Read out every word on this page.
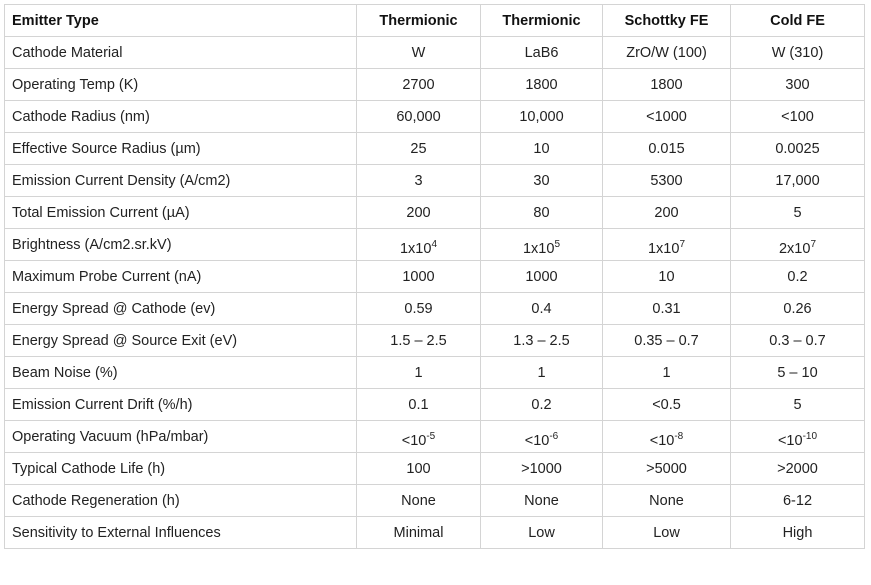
Emitter Type	Thermionic	Thermionic	Schottky FE	Cold FE
Cathode Material	W	LaB6	ZrO/W (100)	W (310)
Operating Temp (K)	2700	1800	1800	300
Cathode Radius (nm)	60,000	10,000	<1000	<100
Effective Source Radius (µm)	25	10	0.015	0.0025
Emission Current Density (A/cm2)	3	30	5300	17,000
Total Emission Current (µA)	200	80	200	5
Brightness (A/cm2.sr.kV)	$1x10^4$	$1x10^5$	$1x10^7$	$2x10^7$
Maximum Probe Current (nA)	1000	1000	10	0.2
Energy Spread @ Cathode (ev)	0.59	0.4	0.31	0.26
Energy Spread @ Source Exit (eV)	1.5 – 2.5	1.3 – 2.5	0.35 – 0.7	0.3 – 0.7
Beam Noise (%)	1	1	1	5 – 10
Emission Current Drift (%/h)	0.1	0.2	<0.5	5
Operating Vacuum (hPa/mbar)	$<10^{-5}$	$<10^{-6}$	$<10^{-8}$	$<10^{-10}$
Typical Cathode Life (h)	100	>1000	>5000	>2000
Cathode Regeneration (h)	None	None	None	6-12
Sensitivity to External Influences	Minimal	Low	Low	High
